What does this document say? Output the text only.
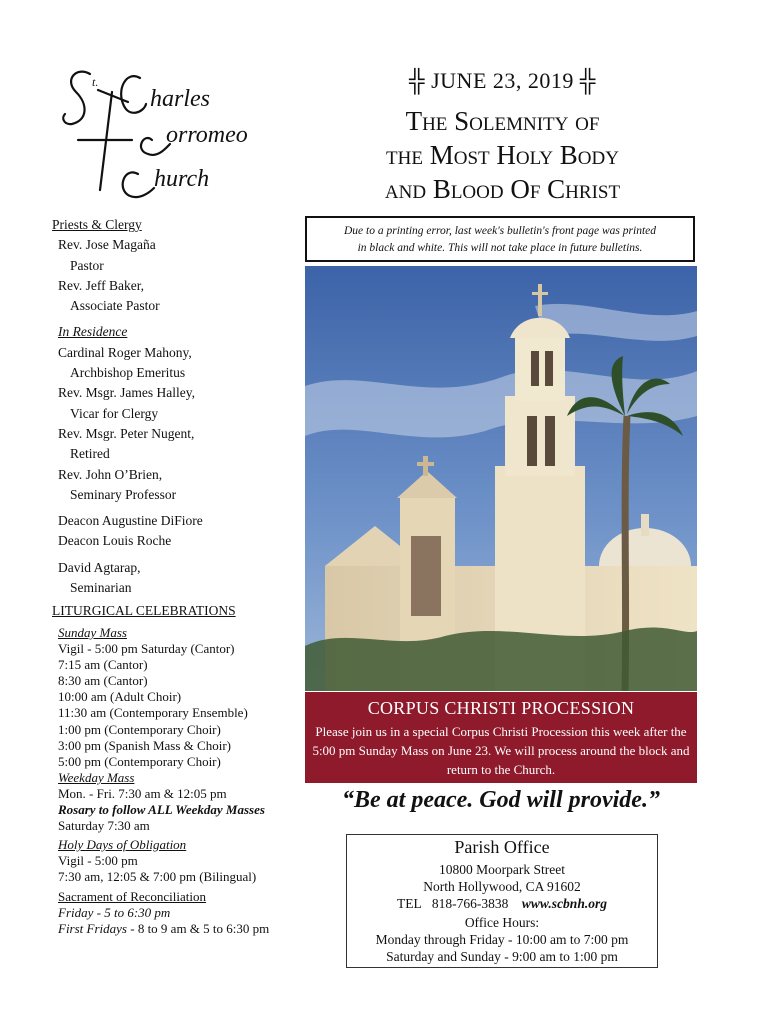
harles
orromeo
hurch
t.	╬ JUNE 23, 2019 ╬
The Solemnity of
the Most Holy Body
and Blood Of Christ
Due to a printing error, last week's bulletin's front page was printed
in black and white. This will not take place in future bulletins.
CORPUS CHRISTI PROCESSION
Please join us in a special Corpus Christi Procession this week after the 5:00 pm Sunday Mass on June 23. We will process around the block and return to the Church.
“Be at peace. God will provide.”
Parish Office
10800 Moorpark Street
North Hollywood, CA 91602
TEL 818-766-3838 www.scbnh.org
Office Hours:
Monday through Friday - 10:00 am to 7:00 pm
Saturday and Sunday - 9:00 am to 1:00 pm
Priests & Clergy
Rev. Jose Magaña
Pastor
Rev. Jeff Baker,
Associate Pastor
In Residence
Cardinal Roger Mahony,
Archbishop Emeritus
Rev. Msgr. James Halley,
Vicar for Clergy
Rev. Msgr. Peter Nugent,
Retired
Rev. John O’Brien,
Seminary Professor
Deacon Augustine DiFiore
Deacon Louis Roche
David Agtarap,
Seminarian
LITURGICAL CELEBRATIONS
Sunday Mass
Vigil - 5:00 pm Saturday (Cantor)
7:15 am (Cantor)
8:30 am (Cantor)
10:00 am (Adult Choir)
11:30 am (Contemporary Ensemble)
1:00 pm (Contemporary Choir)
3:00 pm (Spanish Mass & Choir)
5:00 pm (Contemporary Choir)
Weekday Mass
Mon. - Fri. 7:30 am & 12:05 pm
Rosary to follow ALL Weekday Masses
Saturday 7:30 am
Holy Days of Obligation
Vigil - 5:00 pm
7:30 am, 12:05 & 7:00 pm (Bilingual)
Sacrament of Reconciliation
Friday - 5 to 6:30 pm
First Fridays - 8 to 9 am & 5 to 6:30 pm
